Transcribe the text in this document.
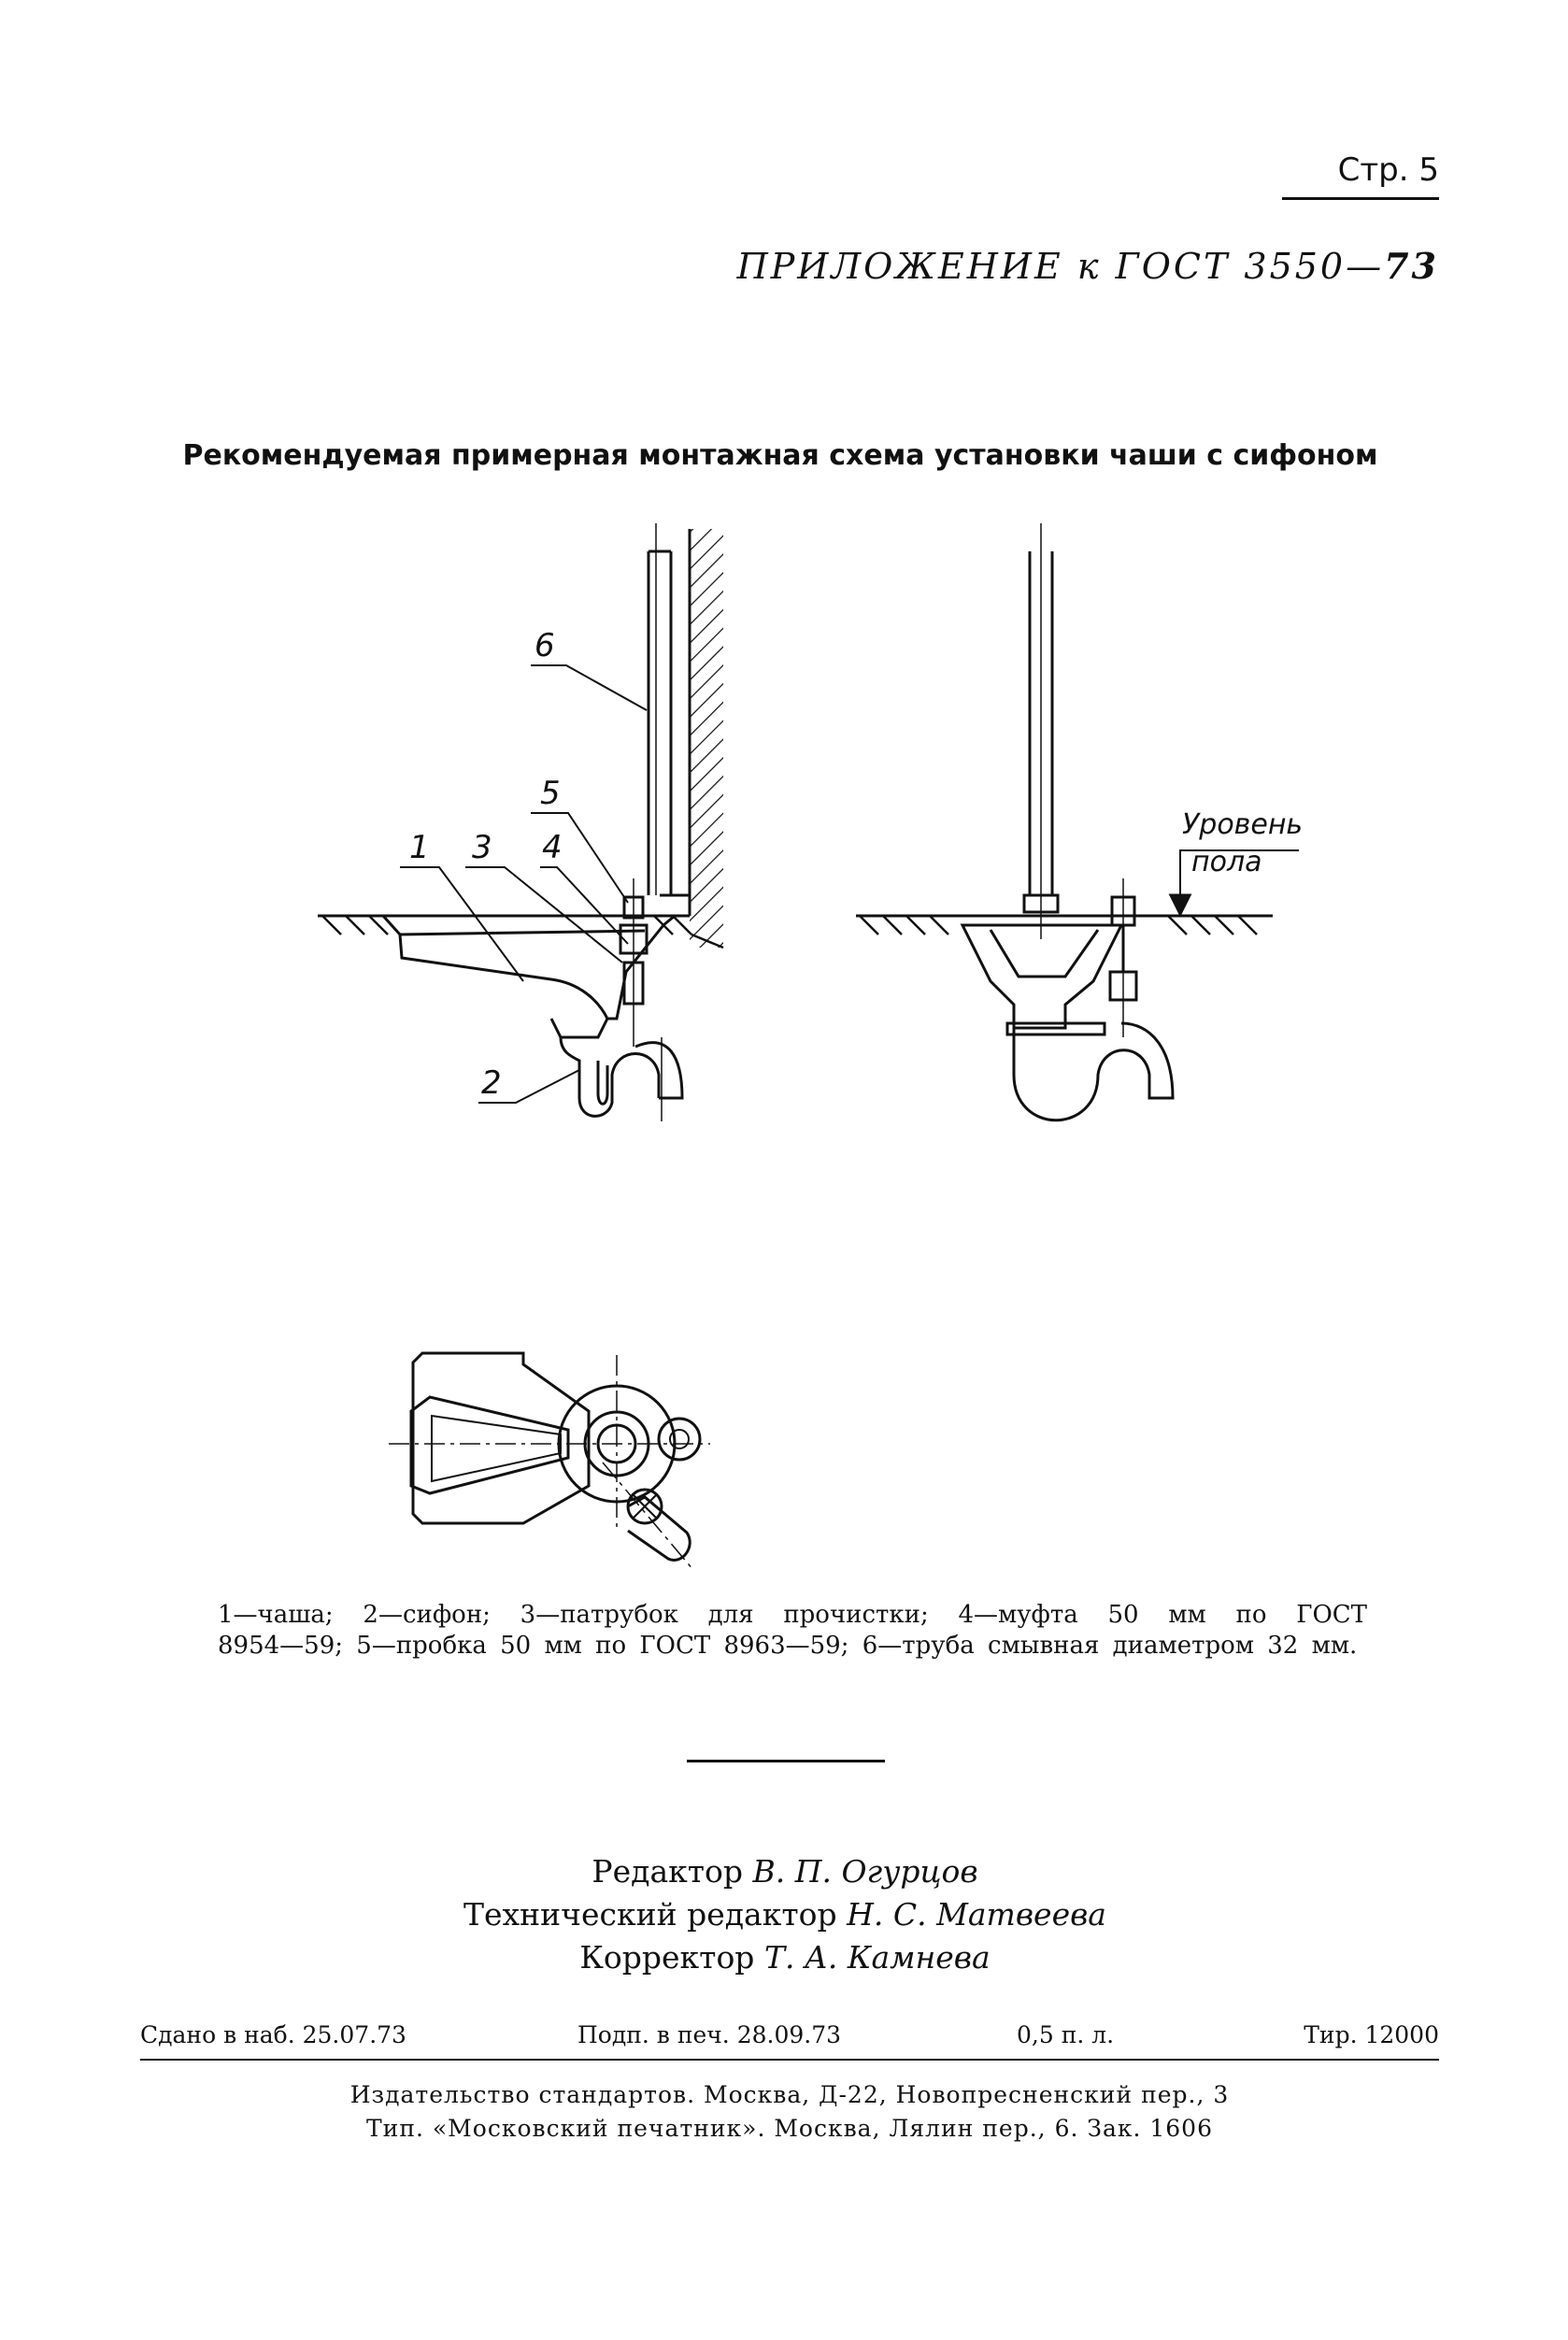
Стр. 5
ПРИЛОЖЕНИЕ к ГОСТ 3550—73
Рекомендуемая примерная монтажная схема установки чаши с сифоном
6
5
1 3 4
2
Уровень
пола
1—чаша; 2—сифон; 3—патрубок для прочистки; 4—муфта 50 мм по ГОСТ
8954—59; 5—пробка 50 мм по ГОСТ 8963—59; 6—труба смывная диаметром 32 мм.
Редактор В. П. Огурцов
Технический редактор Н. С. Матвеева
Корректор Т. А. Камнева
Сдано в наб. 25.07.73	Подп. в печ. 28.09.73	0,5 п. л.	Тир. 12000
Издательство стандартов. Москва, Д-22, Новопресненский пер., 3
Тип. «Московский печатник». Москва, Лялин пер., 6. Зак. 1606
